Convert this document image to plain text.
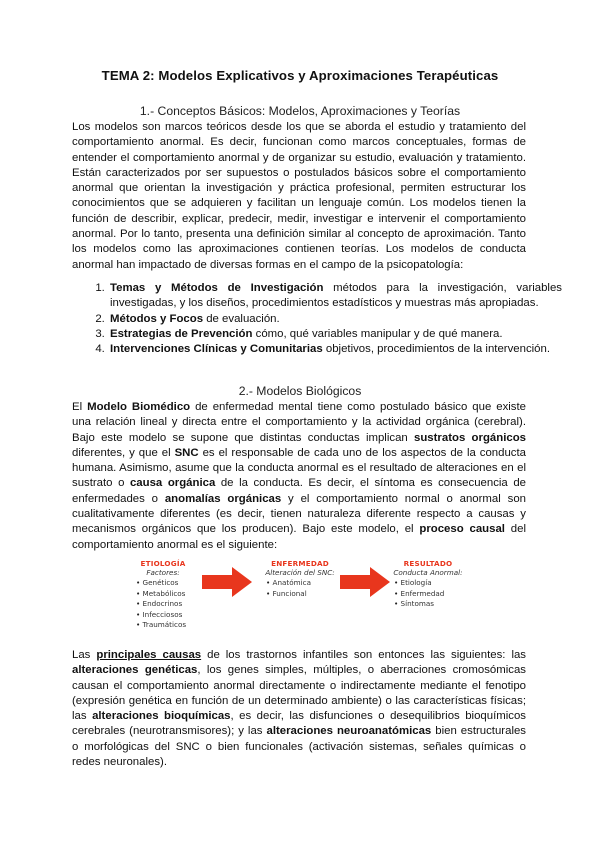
TEMA 2: Modelos Explicativos y Aproximaciones Terapéuticas
1.- Conceptos Básicos: Modelos, Aproximaciones y Teorías

Los modelos son marcos teóricos desde los que se aborda el estudio y tratamiento del comportamiento anormal. Es decir, funcionan como marcos conceptuales, formas de entender el comportamiento anormal y de organizar su estudio, evaluación y tratamiento. Están caracterizados por ser supuestos o postulados básicos sobre el comportamiento anormal que orientan la investigación y práctica profesional, permiten estructurar los conocimientos que se adquieren y facilitan un lenguaje común. Los modelos tienen la función de describir, explicar, predecir, medir, investigar e intervenir el comportamiento anormal. Por lo tanto, presenta una definición similar al concepto de aproximación. Tanto los modelos como las aproximaciones contienen teorías. Los modelos de conducta anormal han impactado de diversas formas en el campo de la psicopatología:

1. Temas y Métodos de Investigación métodos para la investigación, variables investigadas, y los diseños, procedimientos estadísticos y muestras más apropiadas.
2. Métodos y Focos de evaluación.
3. Estrategias de Prevención cómo, qué variables manipular y de qué manera.
4. Intervenciones Clínicas y Comunitarias objetivos, procedimientos de la intervención.
2.- Modelos Biológicos

El Modelo Biomédico de enfermedad mental tiene como postulado básico que existe una relación lineal y directa entre el comportamiento y la actividad orgánica (cerebral). Bajo este modelo se supone que distintas conductas implican sustratos orgánicos diferentes, y que el SNC es el responsable de cada uno de los aspectos de la conducta humana. Asimismo, asume que la conducta anormal es el resultado de alteraciones en el sustrato o causa orgánica de la conducta. Es decir, el síntoma es consecuencia de enfermedades o anomalías orgánicas y el comportamiento normal o anormal son cualitativamente diferentes (es decir, tienen naturaleza diferente respecto a causas y mecanismos orgánicos que los producen). Bajo este modelo, el proceso causal del comportamiento anormal es el siguiente:

ETIOLOGÍA
Factores:
• Genéticos
• Metabólicos
• Endocrinos
• Infecciosos
• Traumáticos
ENFERMEDAD
Alteración del SNC:
• Anatómica
• Funcional
RESULTADO
Conducta Anormal:
• Etiología
• Enfermedad
• Síntomas

Las principales causas de los trastornos infantiles son entonces las siguientes: las alteraciones genéticas, los genes simples, múltiples, o aberraciones cromosómicas causan el comportamiento anormal directamente o indirectamente mediante el fenotipo (expresión genética en función de un determinado ambiente) o las características físicas; las alteraciones bioquímicas, es decir, las disfunciones o desequilibrios bioquímicos cerebrales (neurotransmisores); y las alteraciones neuroanatómicas bien estructurales o morfológicas del SNC o bien funcionales (activación sistemas, señales químicas o redes neuronales).
